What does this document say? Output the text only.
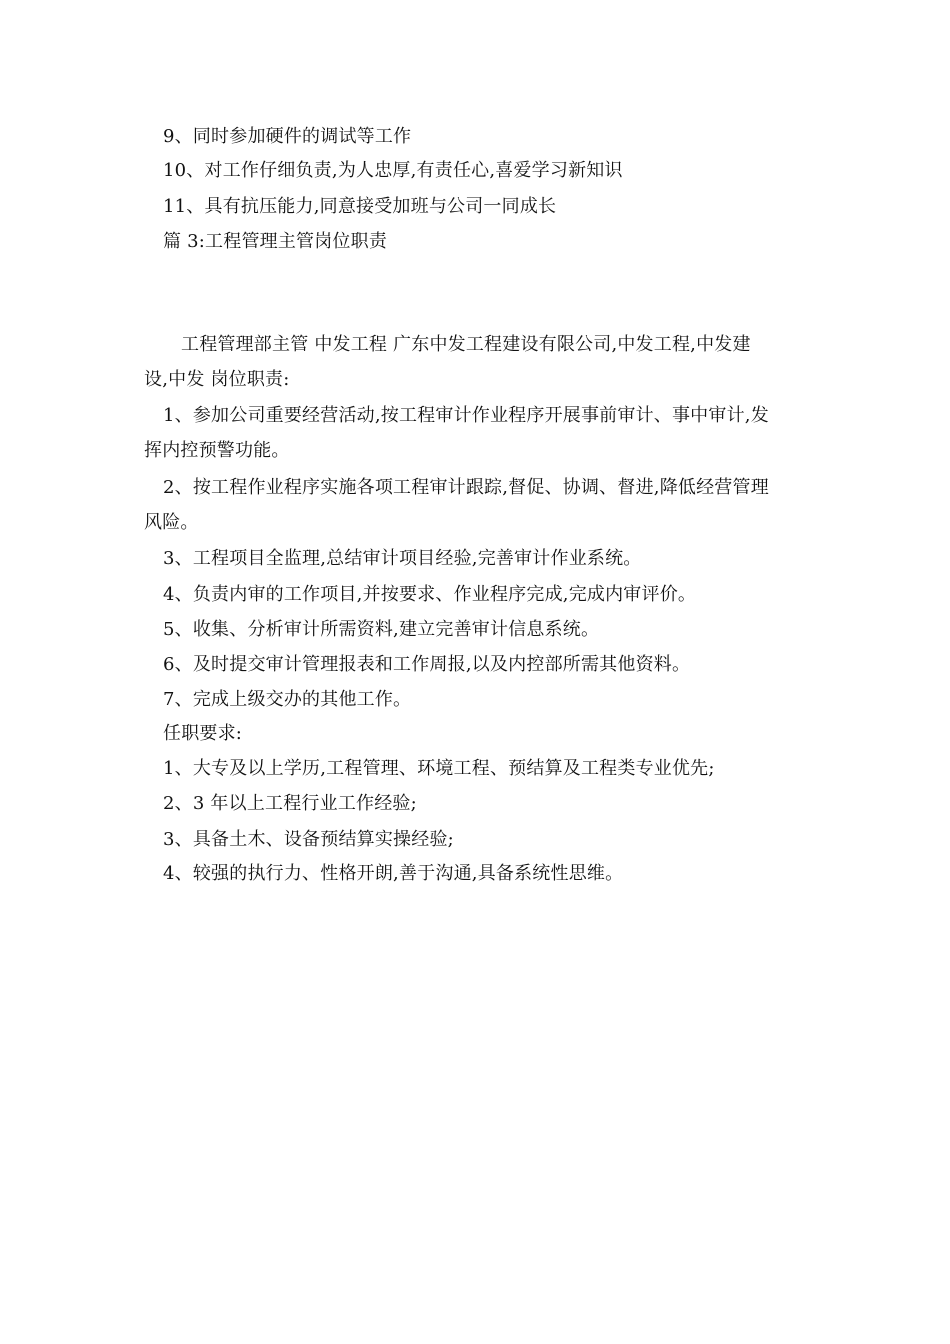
9、同时参加硬件的调试等工作
10、对工作仔细负责,为人忠厚,有责任心,喜爱学习新知识
11、具有抗压能力,同意接受加班与公司一同成长
篇 3:工程管理主管岗位职责
工程管理部主管 中发工程 广东中发工程建设有限公司,中发工程,中发建
设,中发 岗位职责:
1、参加公司重要经营活动,按工程审计作业程序开展事前审计、事中审计,发
挥内控预警功能。
2、按工程作业程序实施各项工程审计跟踪,督促、协调、督进,降低经营管理
风险。
3、工程项目全监理,总结审计项目经验,完善审计作业系统。
4、负责内审的工作项目,并按要求、作业程序完成,完成内审评价。
5、收集、分析审计所需资料,建立完善审计信息系统。
6、及时提交审计管理报表和工作周报,以及内控部所需其他资料。
7、完成上级交办的其他工作。
任职要求:
1、大专及以上学历,工程管理、环境工程、预结算及工程类专业优先;
2、3 年以上工程行业工作经验;
3、具备土木、设备预结算实操经验;
4、较强的执行力、性格开朗,善于沟通,具备系统性思维。
